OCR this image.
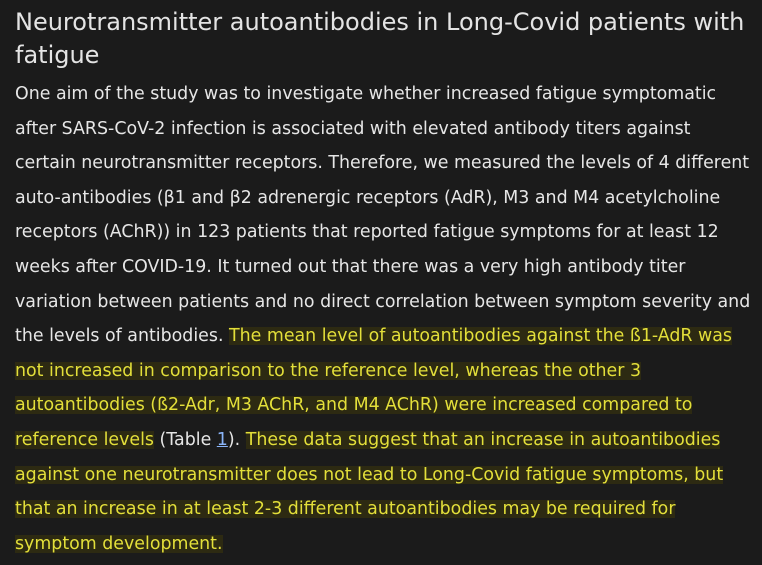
Neurotransmitter autoantibodies in Long-Covid patients with fatigue

One aim of the study was to investigate whether increased fatigue symptomatic after SARS-CoV-2 infection is associated with elevated antibody titers against certain neurotransmitter receptors. Therefore, we measured the levels of 4 different auto-antibodies (β1 and β2 adrenergic receptors (AdR), M3 and M4 acetylcholine receptors (AChR)) in 123 patients that reported fatigue symptoms for at least 12 weeks after COVID-19. It turned out that there was a very high antibody titer variation between patients and no direct correlation between symptom severity and the levels of antibodies. The mean level of autoantibodies against the ß1-AdR was not increased in comparison to the reference level, whereas the other 3 autoantibodies (ß2-Adr, M3 AChR, and M4 AChR) were increased compared to reference levels (Table 1). These data suggest that an increase in autoantibodies against one neurotransmitter does not lead to Long-Covid fatigue symptoms, but that an increase in at least 2-3 different autoantibodies may be required for symptom development.
